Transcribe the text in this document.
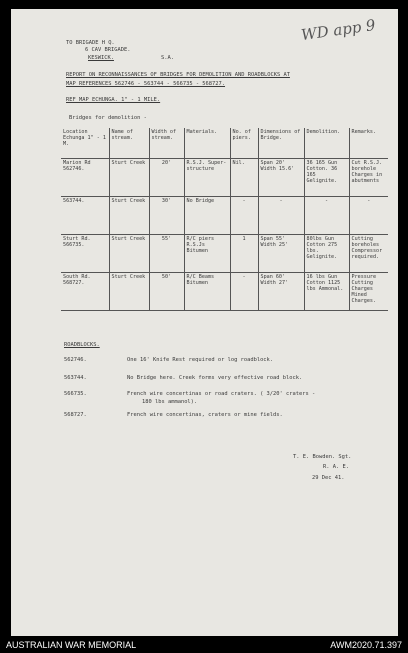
WD app 9
TO BRIGADE H Q.
6 CAV BRIGADE.
KESWICK.	S.A.
REPORT ON RECONNAISSANCES OF BRIDGES FOR DEMOLITION AND ROADBLOCKS AT
MAP REFERENCES 562746 - 563744 - 566735 - 568727.
REF MAP ECHUNGA. 1" - 1 MILE.
Bridges for demolition -
Location Echunga 1" - 1 M.	Name of stream.	Width of stream.	Materials.	No. of piers.	Dimensions of Bridge.	Demolition.	Remarks.
Marion Rd 562746.	Sturt Creek	20'	R.S.J. Super-structure	Nil.	Span 20' Width 15.6'	36 165 Gun Cotton. 36 165 Gelignite.	Cut R.S.J. borehole Charges in abutments
563744.	Sturt Creek	30'	No Bridge	-	-	-	-
Sturt Rd. 566735.	Sturt Creek	55'	R/C piers R.S.Js Bitumen	1	Span 55' Width 25'	80lbs Gun Cotton 275 lbs. Gelignite.	Cutting boreholes Compressor required.
South Rd. 568727.	Sturt Creek	50'	R/C Beams Bitumen	-	Span 60' Width 27'	16 lbs Gun Cotton 1125 lbs Ammonal.	Pressure Cutting Charges Mined Charges.
ROADBLOCKS.
562746.	One 16' Knife Rest required or log roadblock.
563744.	No Bridge here. Creek forms very effective road block.
566735.	French wire concertinas or road craters. ( 3/20' craters -
180 lbs ammanol).
568727.	French wire concertinas, craters or mine fields.
T. E. Bowden. Sgt.
R. A. E.
29 Dec 41.
AUSTRALIAN WAR MEMORIAL	AWM2020.71.397
